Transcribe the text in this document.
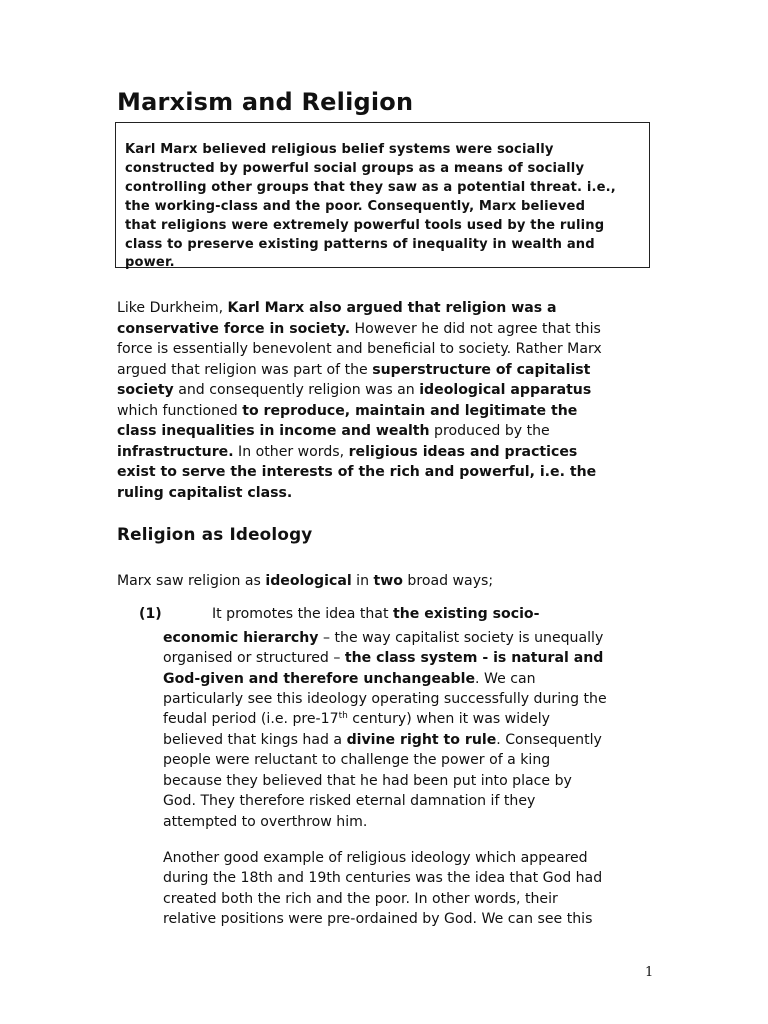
Marxism and Religion
Karl Marx believed religious belief systems were socially
constructed by powerful social groups as a means of socially
controlling other groups that they saw as a potential threat. i.e.,
the working-class and the poor. Consequently, Marx believed
that religions were extremely powerful tools used by the ruling
class to preserve existing patterns of inequality in wealth and
power.
Like Durkheim, Karl Marx also argued that religion was a
conservative force in society. However he did not agree that this
force is essentially benevolent and beneficial to society. Rather Marx
argued that religion was part of the superstructure of capitalist
society and consequently religion was an ideological apparatus
which functioned to reproduce, maintain and legitimate the
class inequalities in income and wealth produced by the
infrastructure. In other words, religious ideas and practices
exist to serve the interests of the rich and powerful, i.e. the
ruling capitalist class.
Religion as Ideology
Marx saw religion as ideological in two broad ways;
(1)	It promotes the idea that the existing socio-
economic hierarchy – the way capitalist society is unequally
organised or structured – the class system - is natural and
God-given and therefore unchangeable. We can
particularly see this ideology operating successfully during the
feudal period (i.e. pre-17th century) when it was widely
believed that kings had a divine right to rule. Consequently
people were reluctant to challenge the power of a king
because they believed that he had been put into place by
God. They therefore risked eternal damnation if they
attempted to overthrow him.
Another good example of religious ideology which appeared
during the 18th and 19th centuries was the idea that God had
created both the rich and the poor. In other words, their
relative positions were pre-ordained by God. We can see this
1
